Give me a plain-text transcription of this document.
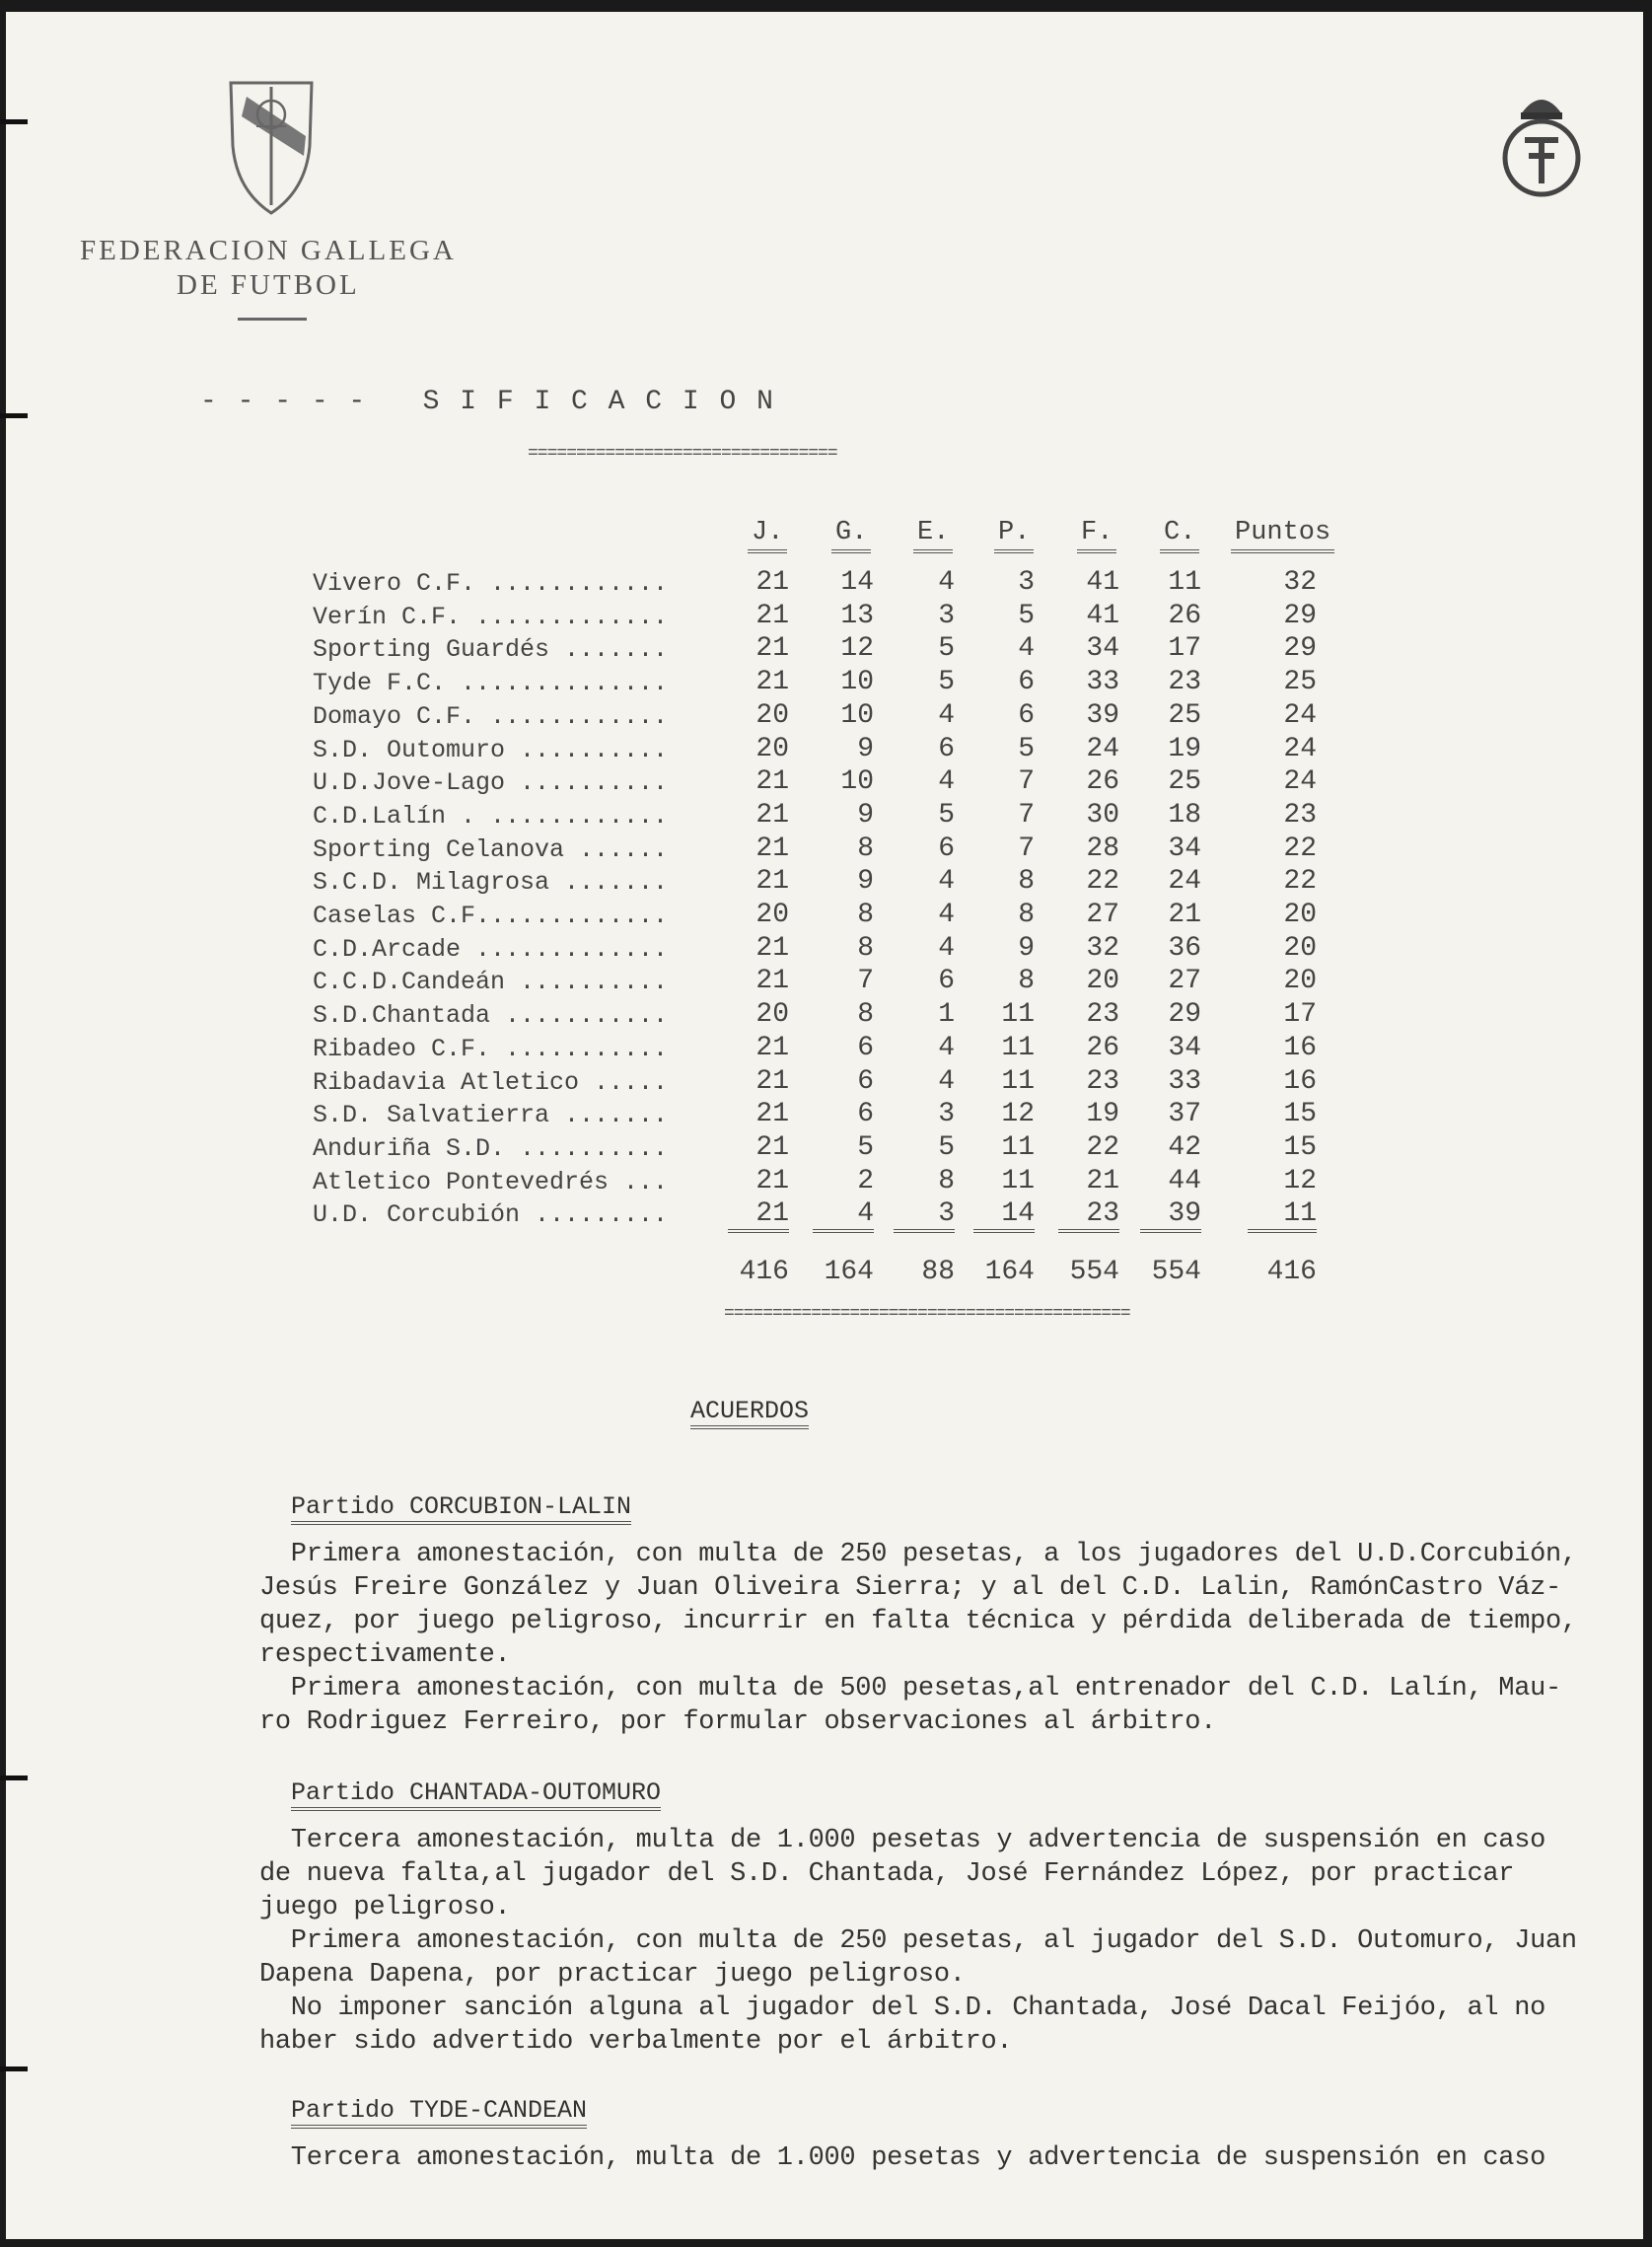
FEDERACION GALLEGA
DE FUTBOL
- - - - -   S I F I C A C I O N
================================
J. G. E. P. F. C. Puntos
Vivero C.F. ............	21	14	4	3	41	11	32
Verín C.F. .............	21	13	3	5	41	26	29
Sporting Guardés .......	21	12	5	4	34	17	29
Tyde F.C. ..............	21	10	5	6	33	23	25
Domayo C.F. ............	20	10	4	6	39	25	24
S.D. Outomuro ..........	20	9	6	5	24	19	24
U.D.Jove-Lago ..........	21	10	4	7	26	25	24
C.D.Lalín . ............	21	9	5	7	30	18	23
Sporting Celanova ......	21	8	6	7	28	34	22
S.C.D. Milagrosa .......	21	9	4	8	22	24	22
Caselas C.F.............	20	8	4	8	27	21	20
C.D.Arcade .............	21	8	4	9	32	36	20
C.C.D.Candeán ..........	21	7	6	8	20	27	20
S.D.Chantada ...........	20	8	1	11	23	29	17
Ribadeo C.F. ...........	21	6	4	11	26	34	16
Ribadavia Atletico .....	21	6	4	11	23	33	16
S.D. Salvatierra .......	21	6	3	12	19	37	15
Anduriña S.D. ..........	21	5	5	11	22	42	15
Atletico Pontevedrés ...	21	2	8	11	21	44	12
U.D. Corcubión .........	21	4	3	14	23	39	11
416	164	88	164	554	554	416
==========================================
ACUERDOS
Partido CORCUBION-LALIN
Primera amonestación, con multa de 250 pesetas, a los jugadores del U.D.Corcubión,
Jesús Freire González y Juan Oliveira Sierra; y al del C.D. Lalin, RamónCastro Váz-
quez, por juego peligroso, incurrir en falta técnica y pérdida deliberada de tiempo,
respectivamente.
Primera amonestación, con multa de 500 pesetas,al entrenador del C.D. Lalín, Mau-
ro Rodriguez Ferreiro, por formular observaciones al árbitro.
Partido CHANTADA-OUTOMURO
Tercera amonestación, multa de 1.000 pesetas y advertencia de suspensión en caso
de nueva falta,al jugador del S.D. Chantada, José Fernández López, por practicar
juego peligroso.
Primera amonestación, con multa de 250 pesetas, al jugador del S.D. Outomuro, Juan
Dapena Dapena, por practicar juego peligroso.
No imponer sanción alguna al jugador del S.D. Chantada, José Dacal Feijóo, al no
haber sido advertido verbalmente por el árbitro.
Partido TYDE-CANDEAN
Tercera amonestación, multa de 1.000 pesetas y advertencia de suspensión en caso
